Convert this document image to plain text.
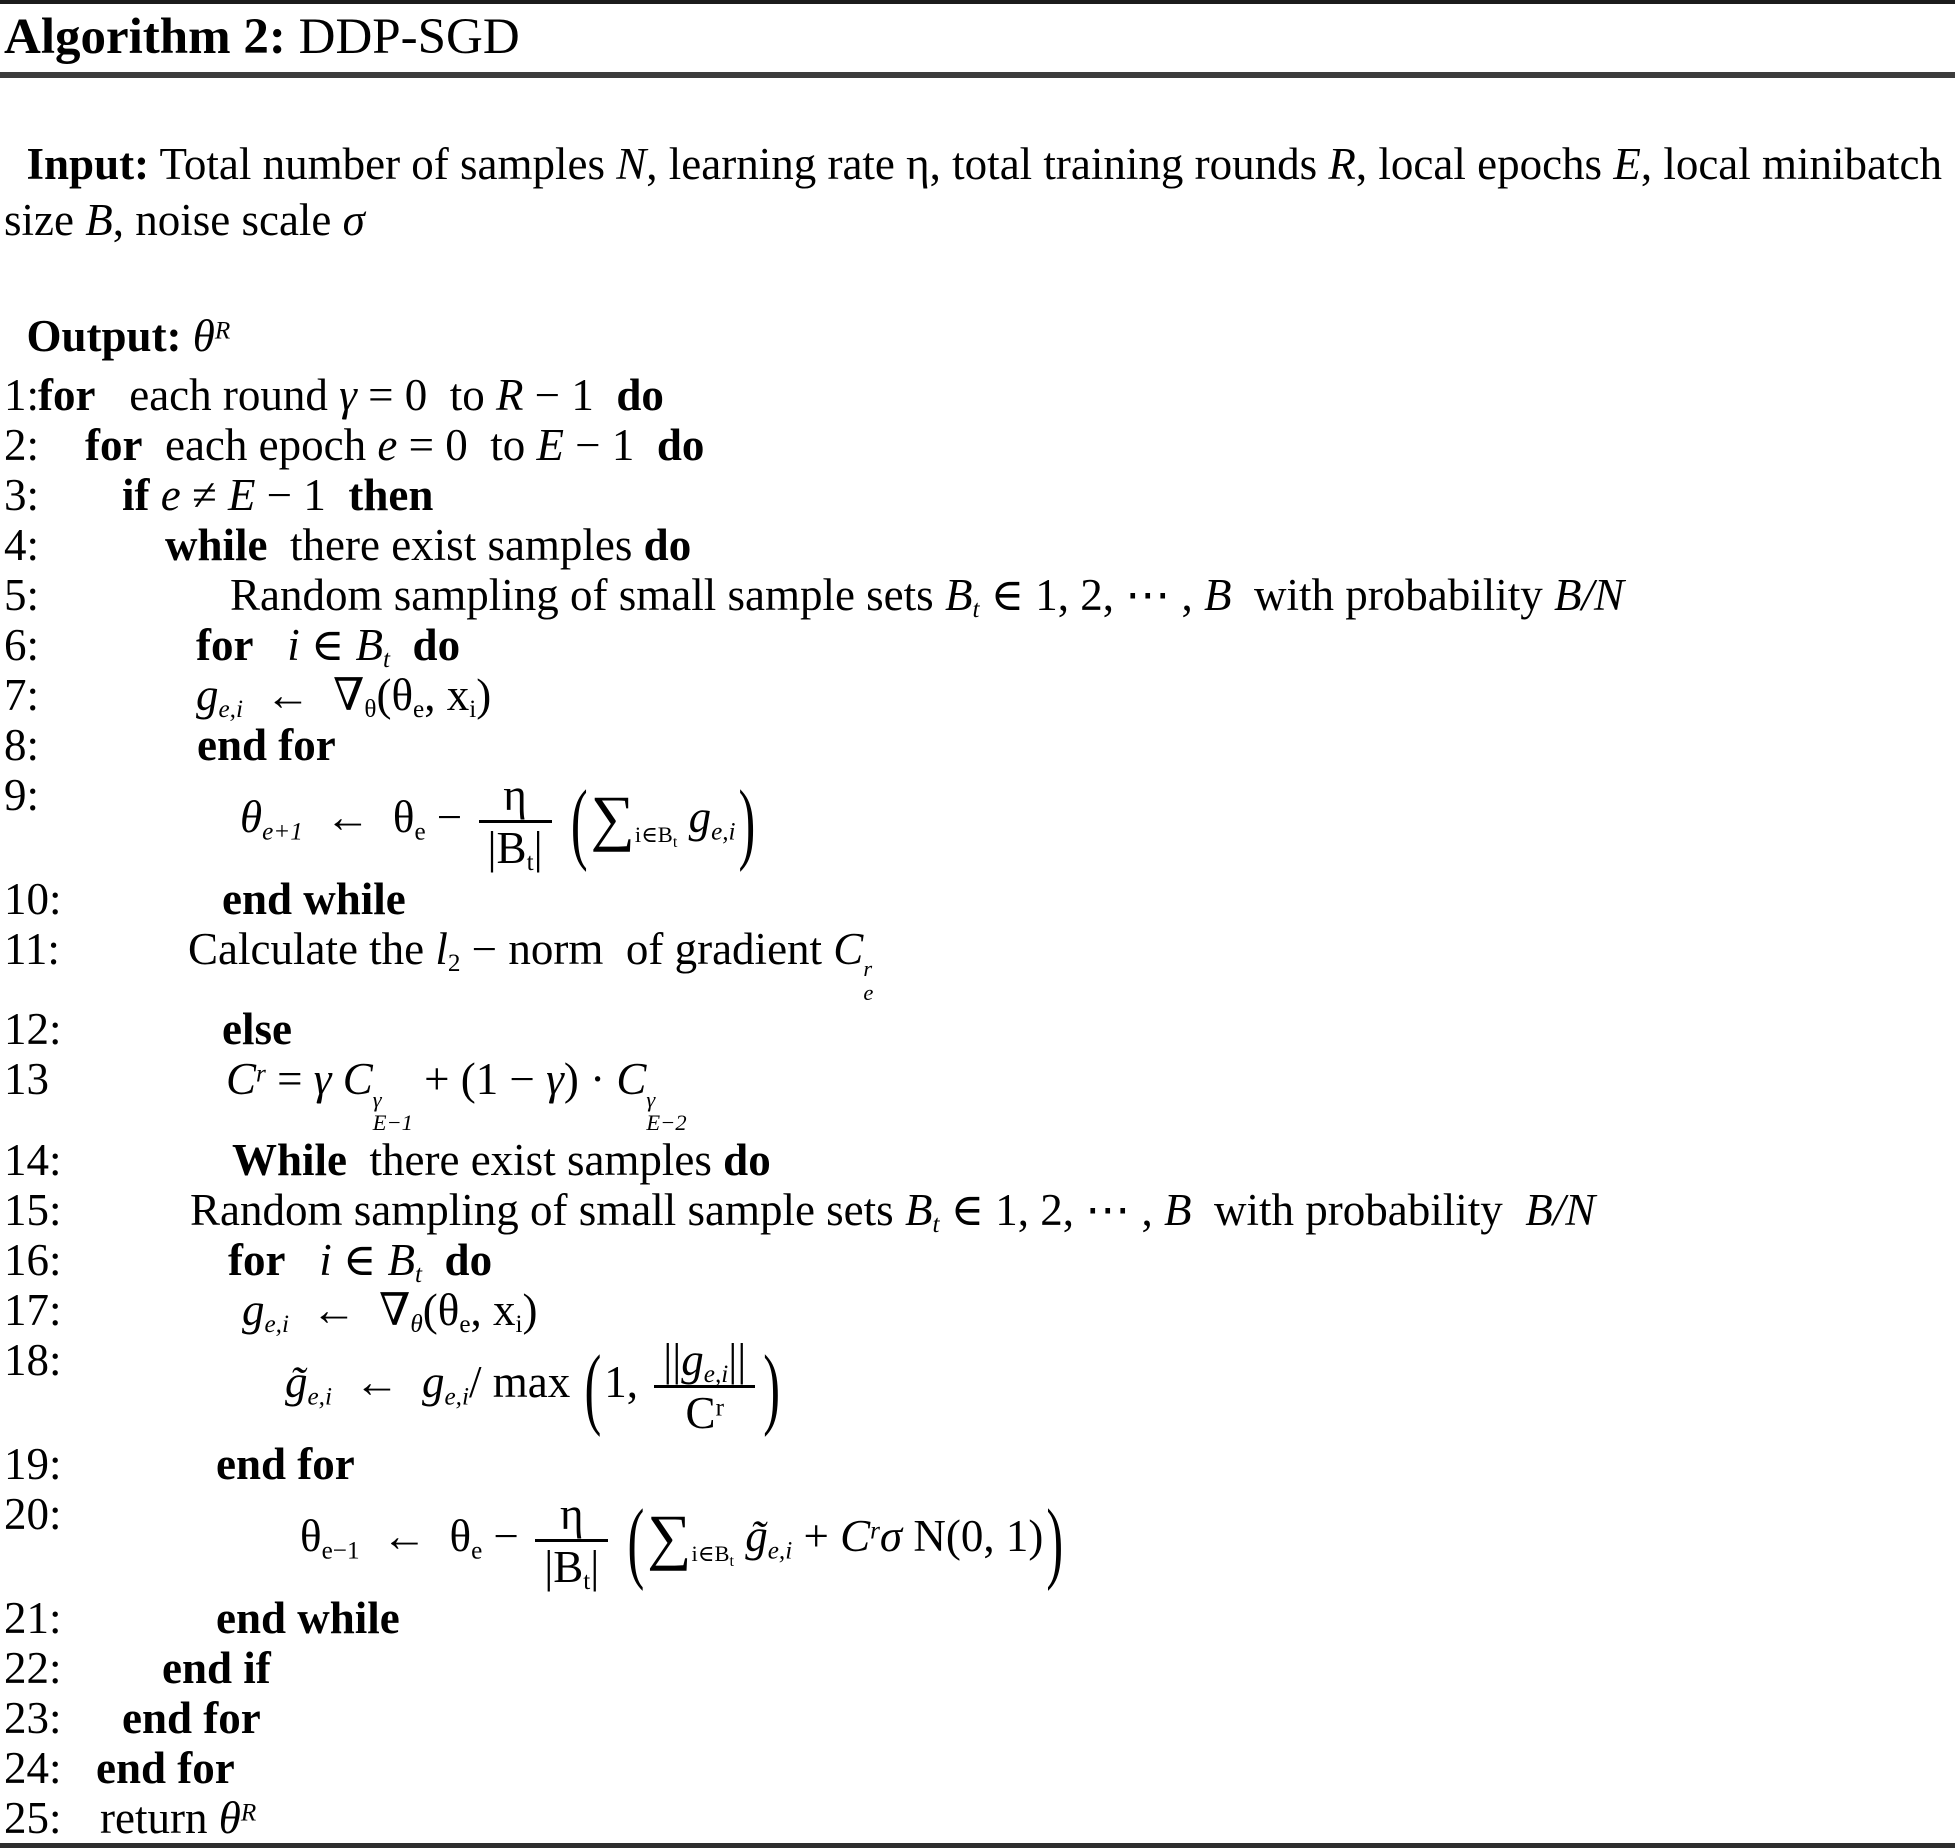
Algorithm 2: DDP-SGD

Input: Total number of samples N, learning rate η, total training rounds R, local epochs E, local minibatch size B, noise scale σ

Output: $\theta^R$

1:
for   each round γ = 0  to R − 1  do
2: for  each epoch e = 0  to E − 1  do
3: if e ≠ E − 1  then
4:	while  there exist samples do
5:	Random sampling of small sample sets $B_t$ ∈ 1, 2, ⋯ , B  with probability B/N
6:	for i ∈ $B_t$ do
7:	$g_{e,i}$  ←  $\nabla_\theta(\theta_e$, $x_i$)
8:	end for
9:	$\theta_{e+1}$  ←  $\theta_e - \frac{\eta}{|B_t|} (\sum_{i\in B_t}$ $g_{e,i}$)
10:	end while
11:	Calculate the $l_2$ − norm  of gradient C r
e
12:	else
13	$C^r = \gamma$ C γ
E−1
+ (1 − γ) · C γ
E−2
14:	While  there exist samples do
15:	Random sampling of small sample sets $B_t$ ∈ 1, 2, ⋯ , B  with probability  B/N
16:	for i ∈ $B_t$ do
17:	$g_{e,i}$  ←  $\nabla_\theta(\theta_e$, $x_i$)
18:	$g̃_{e,i}$  ←  $g_{e,i}/$ max (1, $\frac{||g_{e,i}||}{C^r}$ )
19:	end for
20:	$\theta_{e-1}$  ←  $\theta_e - \frac{\eta}{|B_t|} (\sum_{i\in B_t}$ $g̃_{e,i} + C^r\sigma$ N(0, 1))
21:	end while
22: end if
23: end for
24: end for
25: return $\theta^R$
